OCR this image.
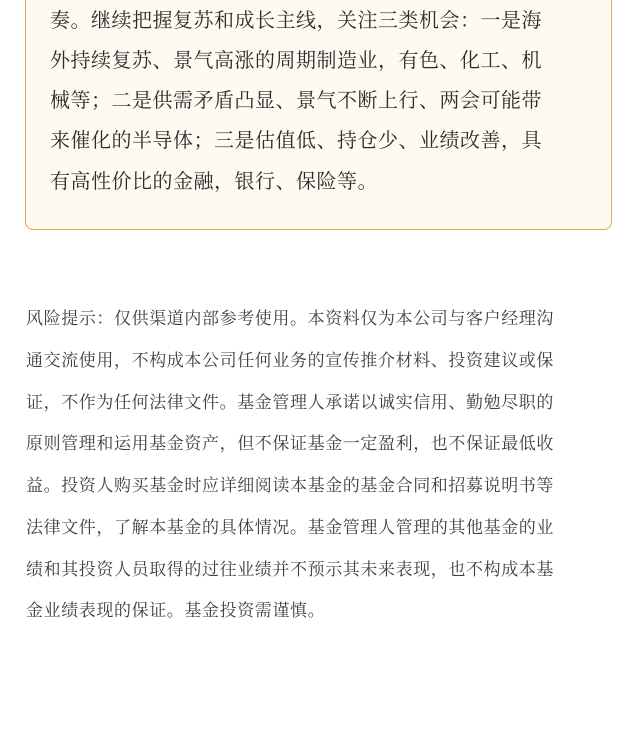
奏。继续把握复苏和成长主线，关注三类机会：一是海
外持续复苏、景气高涨的周期制造业，有色、化工、机
械等；二是供需矛盾凸显、景气不断上行、两会可能带
来催化的半导体；三是估值低、持仓少、业绩改善，具
有高性价比的金融，银行、保险等。
风险提示：仅供渠道内部参考使用。本资料仅为本公司与客户经理沟
通交流使用，不构成本公司任何业务的宣传推介材料、投资建议或保
证，不作为任何法律文件。基金管理人承诺以诚实信用、勤勉尽职的
原则管理和运用基金资产，但不保证基金一定盈利，也不保证最低收
益。投资人购买基金时应详细阅读本基金的基金合同和招募说明书等
法律文件，了解本基金的具体情况。基金管理人管理的其他基金的业
绩和其投资人员取得的过往业绩并不预示其未来表现，也不构成本基
金业绩表现的保证。基金投资需谨慎。
